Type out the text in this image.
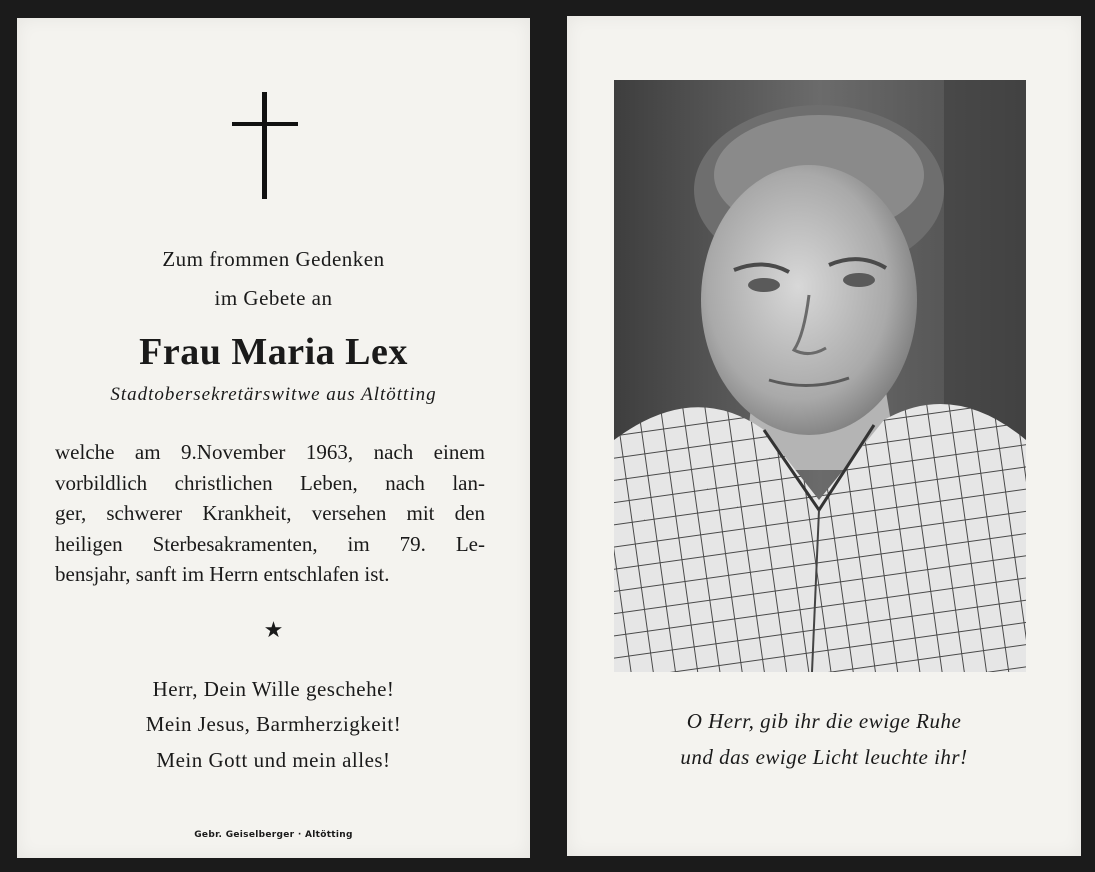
Zum frommen Gedenken
im Gebete an
Frau Maria Lex
Stadtobersekretärswitwe aus Altötting
welche am 9.November 1963, nach einem
vorbildlich christlichen Leben, nach lan-
ger, schwerer Krankheit, versehen mit den
heiligen Sterbesakramenten, im 79. Le-
bensjahr, sanft im Herrn entschlafen ist.
★
Herr, Dein Wille geschehe!
Mein Jesus, Barmherzigkeit!
Mein Gott und mein alles!
Gebr. Geiselberger · Altötting
O Herr, gib ihr die ewige Ruhe
und das ewige Licht leuchte ihr!
